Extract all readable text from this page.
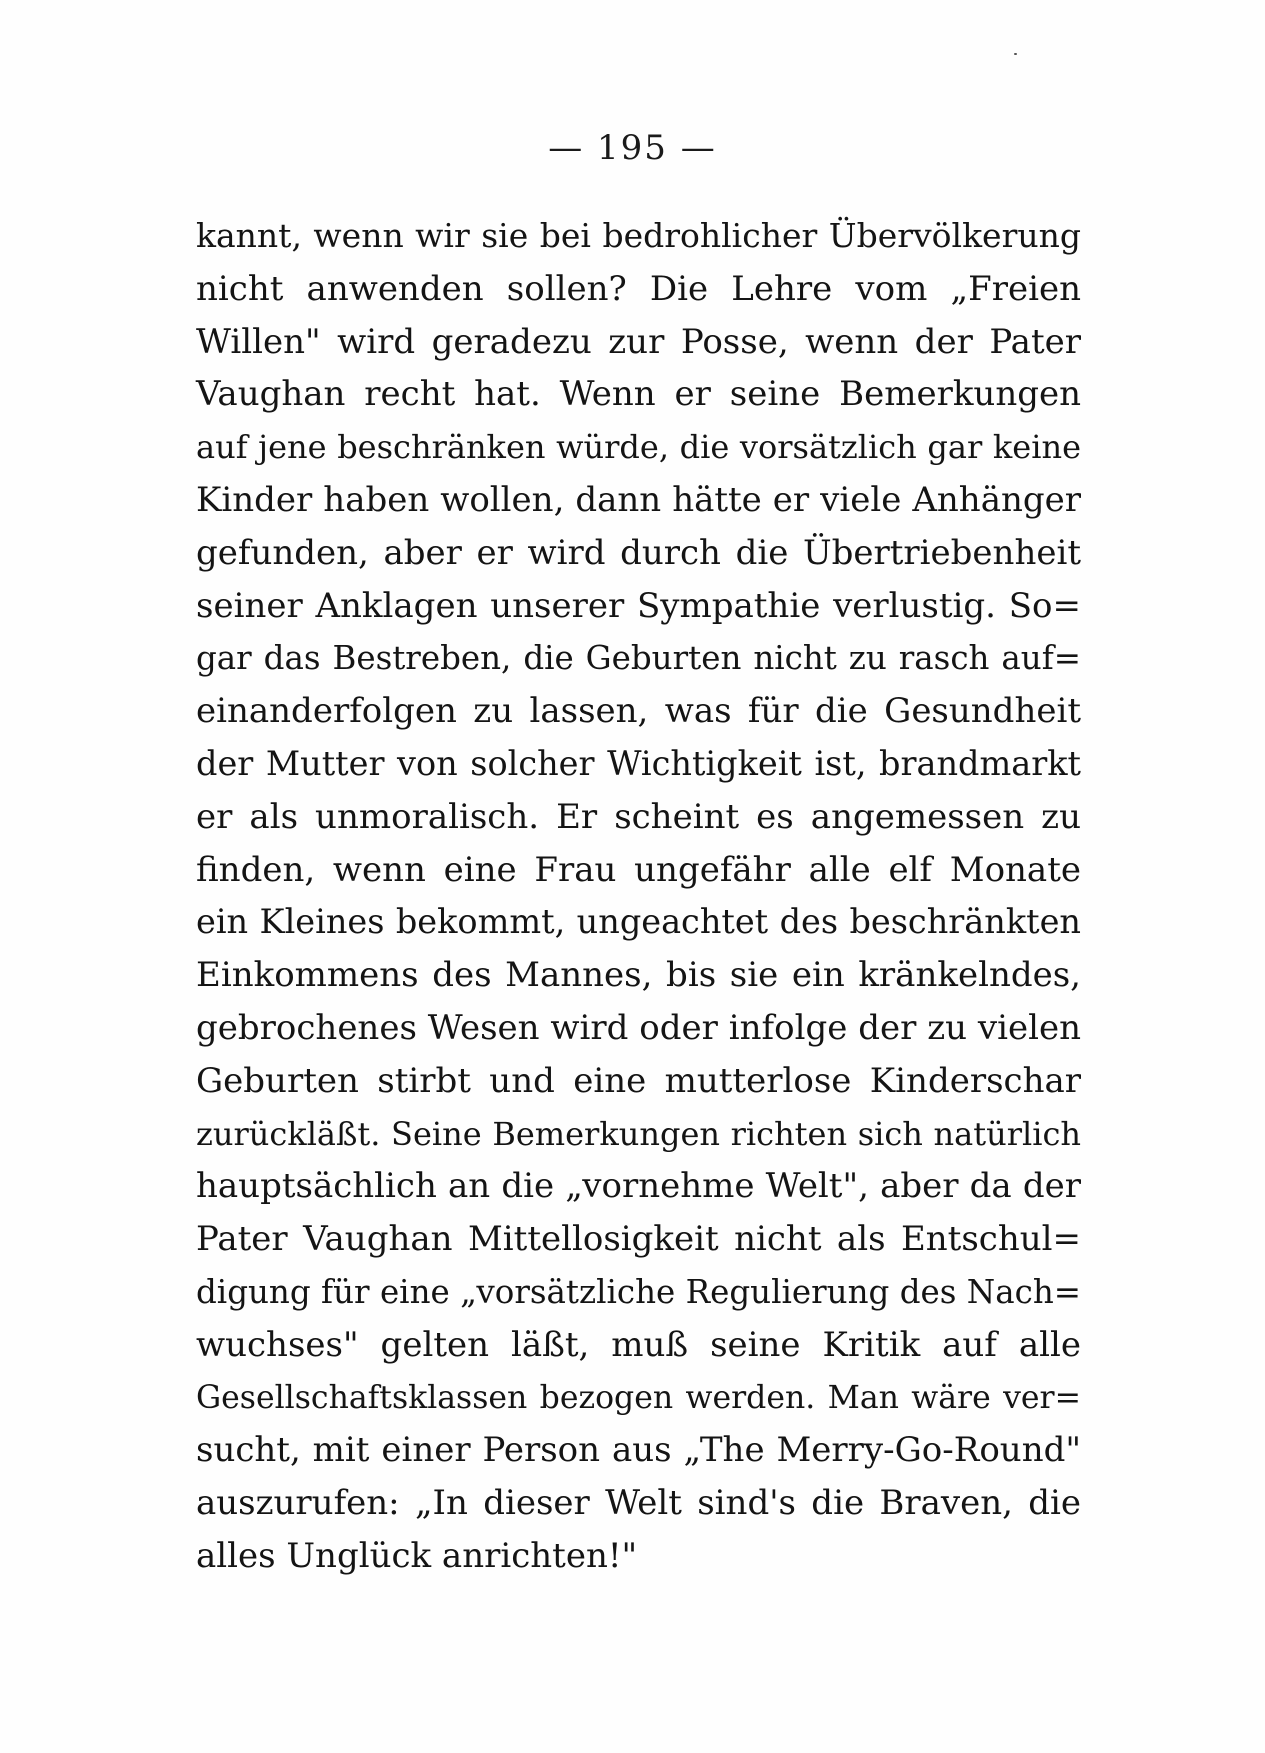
— 195 —
kannt, wenn wir sie bei bedrohlicher Übervölkerung
nicht anwenden sollen? Die Lehre vom „Freien
Willen" wird geradezu zur Posse, wenn der Pater
Vaughan recht hat. Wenn er seine Bemerkungen
auf jene beschränken würde, die vorsätzlich gar keine
Kinder haben wollen, dann hätte er viele Anhänger
gefunden, aber er wird durch die Übertriebenheit
seiner Anklagen unserer Sympathie verlustig. So=
gar das Bestreben, die Geburten nicht zu rasch auf=
einanderfolgen zu lassen, was für die Gesundheit
der Mutter von solcher Wichtigkeit ist, brandmarkt
er als unmoralisch. Er scheint es angemessen zu
finden, wenn eine Frau ungefähr alle elf Monate
ein Kleines bekommt, ungeachtet des beschränkten
Einkommens des Mannes, bis sie ein kränkelndes,
gebrochenes Wesen wird oder infolge der zu vielen
Geburten stirbt und eine mutterlose Kinderschar
zurückläßt. Seine Bemerkungen richten sich natürlich
hauptsächlich an die „vornehme Welt", aber da der
Pater Vaughan Mittellosigkeit nicht als Entschul=
digung für eine „vorsätzliche Regulierung des Nach=
wuchses" gelten läßt, muß seine Kritik auf alle
Gesellschaftsklassen bezogen werden. Man wäre ver=
sucht, mit einer Person aus „The Merry-Go-Round"
auszurufen: „In dieser Welt sind's die Braven, die
alles Unglück anrichten!"
